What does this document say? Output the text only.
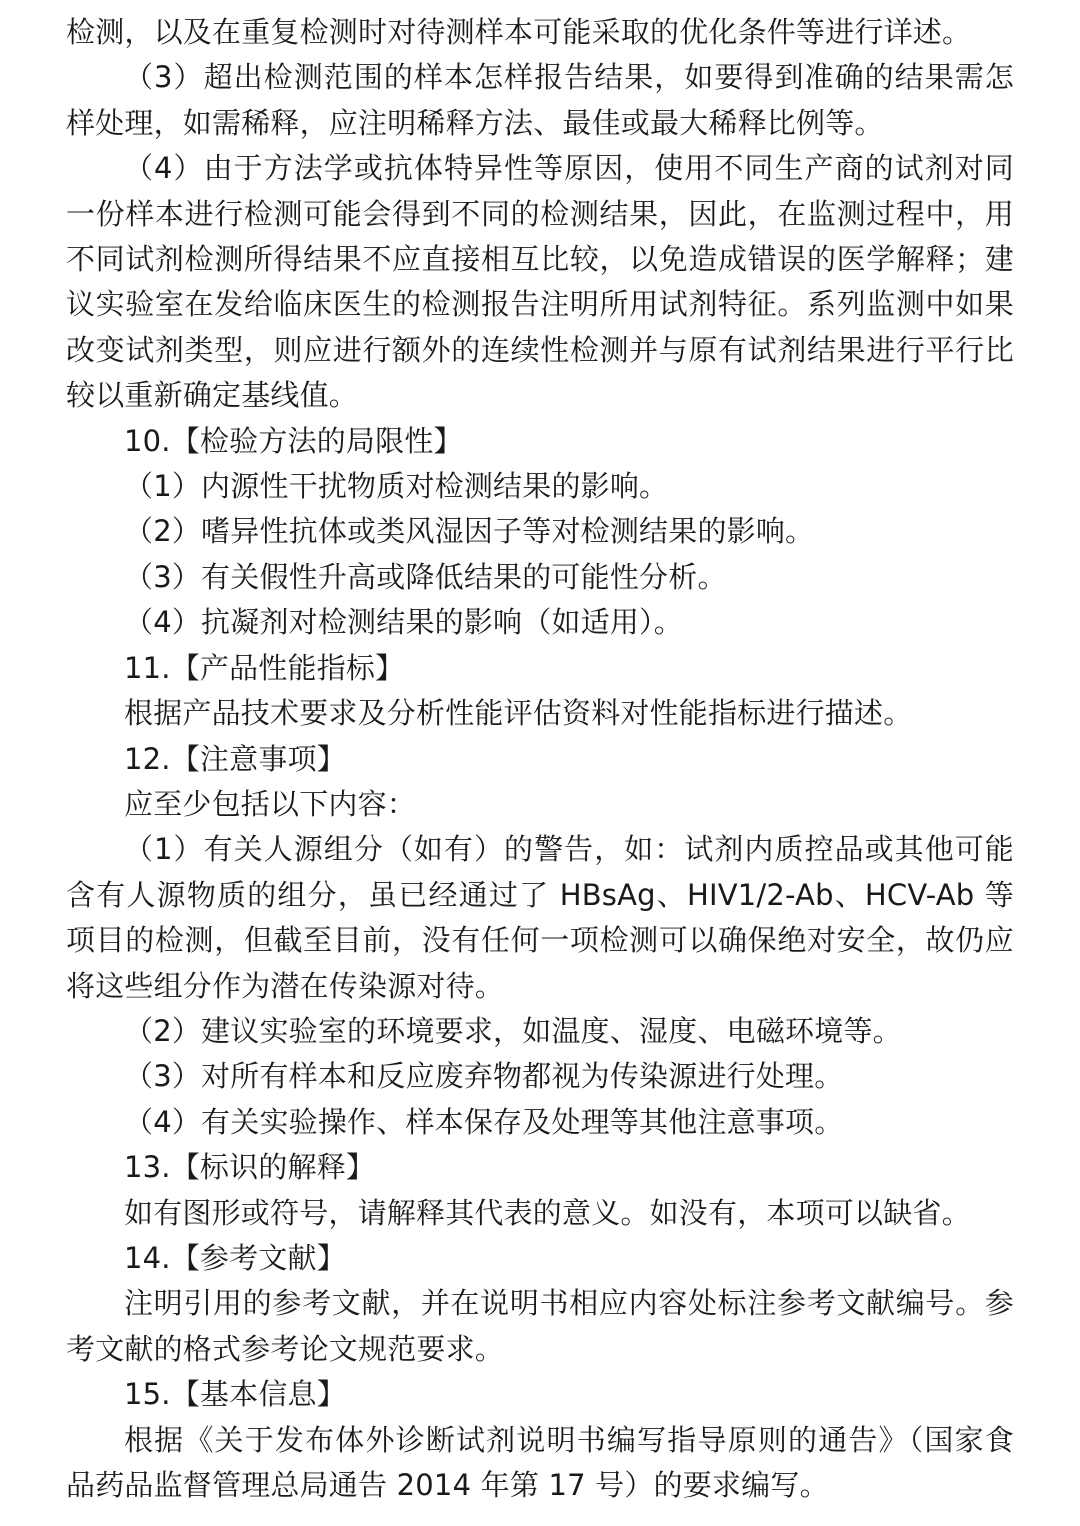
检测，以及在重复检测时对待测样本可能采取的优化条件等进行详述。

（3）超出检测范围的样本怎样报告结果，如要得到准确的结果需怎样处理，如需稀释，应注明稀释方法、最佳或最大稀释比例等。

（4）由于方法学或抗体特异性等原因，使用不同生产商的试剂对同一份样本进行检测可能会得到不同的检测结果，因此，在监测过程中，用不同试剂检测所得结果不应直接相互比较，以免造成错误的医学解释；建议实验室在发给临床医生的检测报告注明所用试剂特征。系列监测中如果改变试剂类型，则应进行额外的连续性检测并与原有试剂结果进行平行比较以重新确定基线值。

10.【检验方法的局限性】

（1）内源性干扰物质对检测结果的影响。

（2）嗜异性抗体或类风湿因子等对检测结果的影响。

（3）有关假性升高或降低结果的可能性分析。

（4）抗凝剂对检测结果的影响（如适用）。

11.【产品性能指标】

根据产品技术要求及分析性能评估资料对性能指标进行描述。

12.【注意事项】

应至少包括以下内容：

（1）有关人源组分（如有）的警告，如：试剂内质控品或其他可能含有人源物质的组分，虽已经通过了 HBsAg、HIV1/2-Ab、HCV-Ab 等项目的检测，但截至目前，没有任何一项检测可以确保绝对安全，故仍应将这些组分作为潜在传染源对待。

（2）建议实验室的环境要求，如温度、湿度、电磁环境等。

（3）对所有样本和反应废弃物都视为传染源进行处理。

（4）有关实验操作、样本保存及处理等其他注意事项。

13.【标识的解释】

如有图形或符号，请解释其代表的意义。如没有，本项可以缺省。

14.【参考文献】

注明引用的参考文献，并在说明书相应内容处标注参考文献编号。参考文献的格式参考论文规范要求。

15.【基本信息】

根据《关于发布体外诊断试剂说明书编写指导原则的通告》（国家食品药品监督管理总局通告 2014 年第 17 号）的要求编写。
